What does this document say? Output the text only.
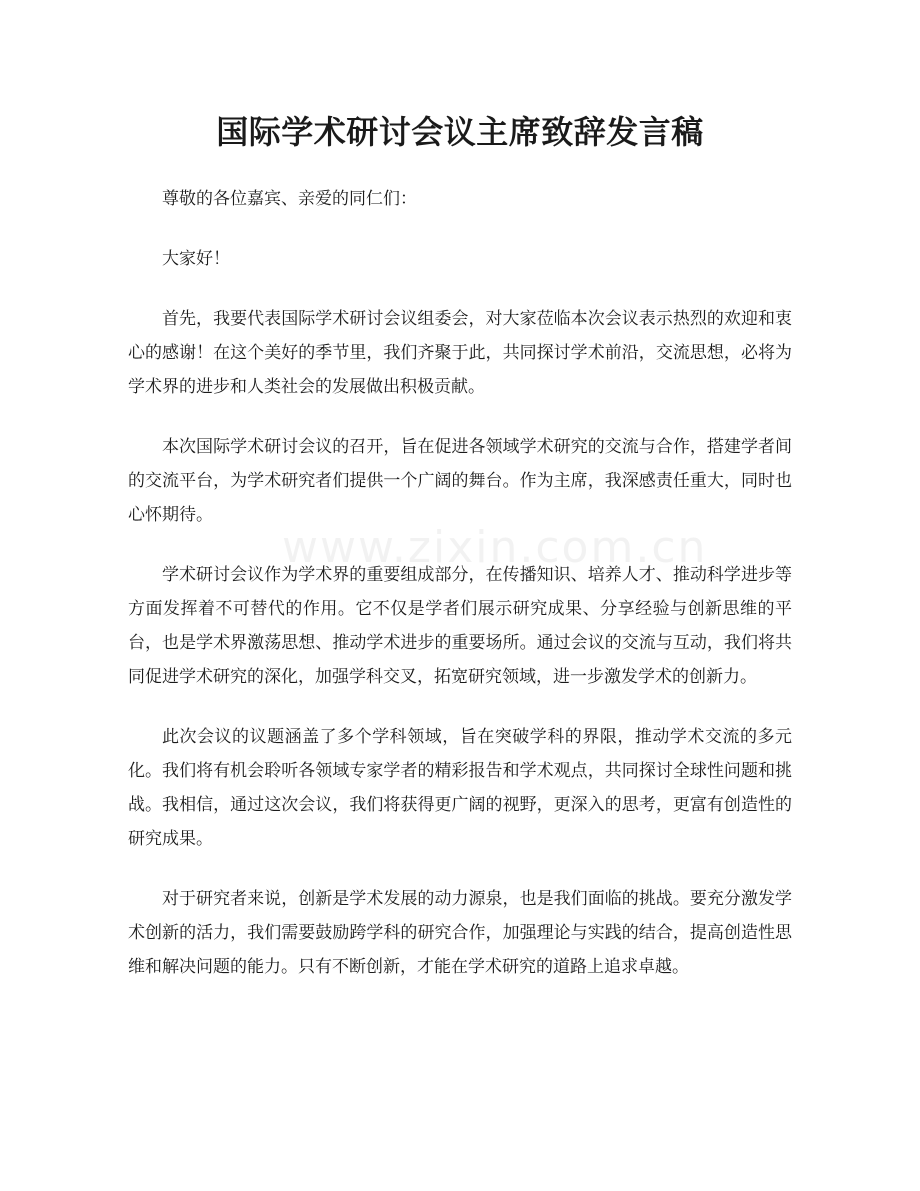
国际学术研讨会议主席致辞发言稿

尊敬的各位嘉宾、亲爱的同仁们：

大家好！

首先，我要代表国际学术研讨会议组委会，对大家莅临本次会议表示热烈的欢迎和衷心的感谢！在这个美好的季节里，我们齐聚于此，共同探讨学术前沿，交流思想，必将为学术界的进步和人类社会的发展做出积极贡献。

本次国际学术研讨会议的召开，旨在促进各领域学术研究的交流与合作，搭建学者间的交流平台，为学术研究者们提供一个广阔的舞台。作为主席，我深感责任重大，同时也心怀期待。

学术研讨会议作为学术界的重要组成部分，在传播知识、培养人才、推动科学进步等方面发挥着不可替代的作用。它不仅是学者们展示研究成果、分享经验与创新思维的平台，也是学术界激荡思想、推动学术进步的重要场所。通过会议的交流与互动，我们将共同促进学术研究的深化，加强学科交叉，拓宽研究领域，进一步激发学术的创新力。

此次会议的议题涵盖了多个学科领域，旨在突破学科的界限，推动学术交流的多元化。我们将有机会聆听各领域专家学者的精彩报告和学术观点，共同探讨全球性问题和挑战。我相信，通过这次会议，我们将获得更广阔的视野，更深入的思考，更富有创造性的研究成果。

对于研究者来说，创新是学术发展的动力源泉，也是我们面临的挑战。要充分激发学术创新的活力，我们需要鼓励跨学科的研究合作，加强理论与实践的结合，提高创造性思维和解决问题的能力。只有不断创新，才能在学术研究的道路上追求卓越。

www.zixin.com.cn
